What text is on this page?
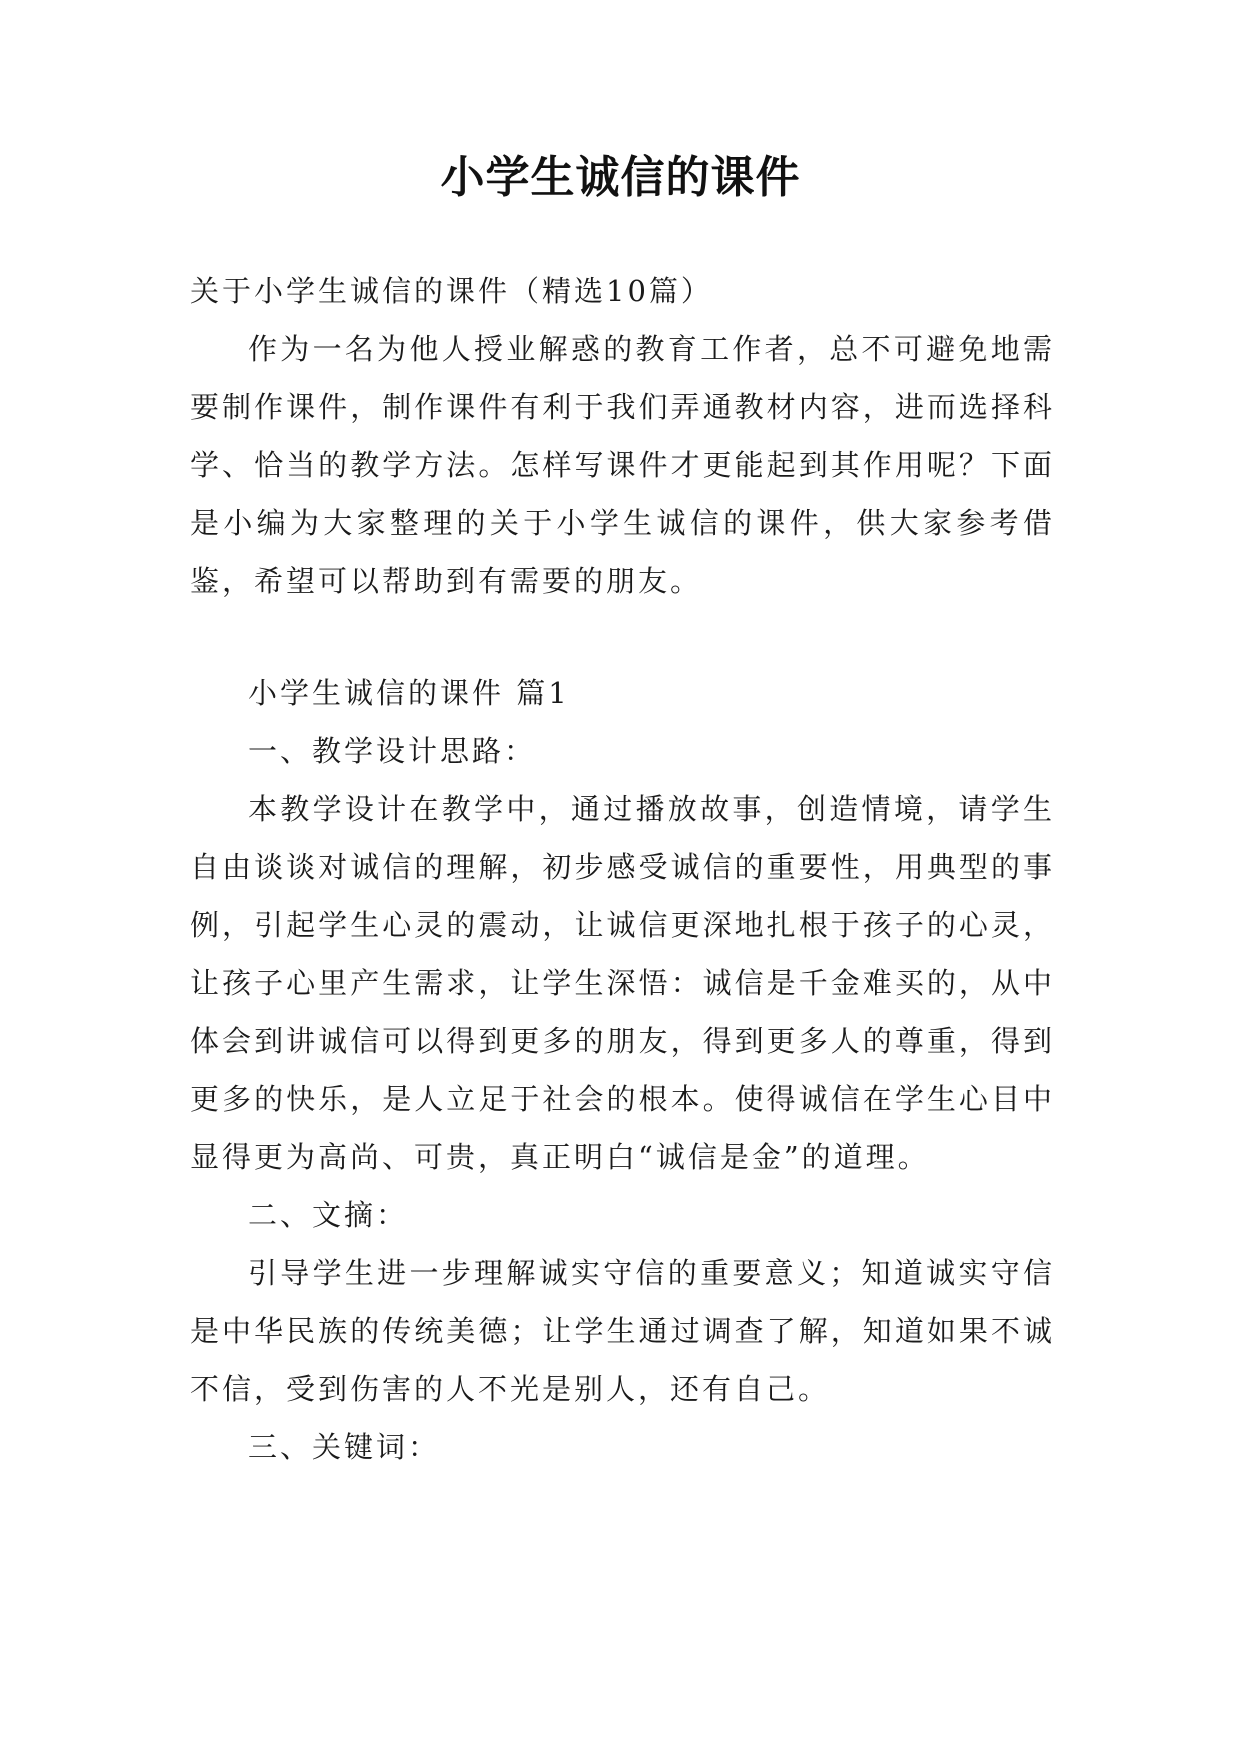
小学生诚信的课件

关于小学生诚信的课件（精选10篇）

作为一名为他人授业解惑的教育工作者，总不可避免地需要制作课件，制作课件有利于我们弄通教材内容，进而选择科学、恰当的教学方法。怎样写课件才更能起到其作用呢？下面是小编为大家整理的关于小学生诚信的课件，供大家参考借鉴，希望可以帮助到有需要的朋友。

小学生诚信的课件 篇1

一、教学设计思路：

本教学设计在教学中，通过播放故事，创造情境，请学生自由谈谈对诚信的理解，初步感受诚信的重要性，用典型的事例，引起学生心灵的震动，让诚信更深地扎根于孩子的心灵，让孩子心里产生需求，让学生深悟：诚信是千金难买的，从中体会到讲诚信可以得到更多的朋友，得到更多人的尊重，得到更多的快乐，是人立足于社会的根本。使得诚信在学生心目中显得更为高尚、可贵，真正明白“诚信是金”的道理。

二、文摘：

引导学生进一步理解诚实守信的重要意义；知道诚实守信是中华民族的传统美德；让学生通过调查了解，知道如果不诚不信，受到伤害的人不光是别人，还有自己。

三、关键词：
